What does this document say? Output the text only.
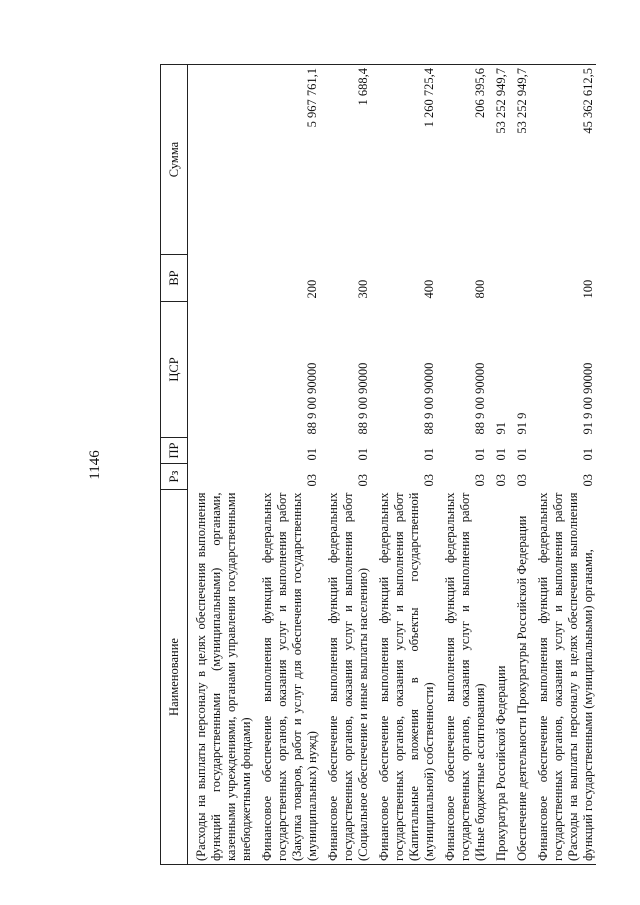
1146
Наименование	Рз	ПР	ЦСР	ВР	Сумма
(Расходы на выплаты персоналу в целях обеспечения выполнения функций государственными (муниципальными) органами, казенными учреждениями, органами управления государственными внебюджетными фондами)					
Финансовое обеспечение выполнения функций федеральных государственных органов, оказания услуг и выполнения работ (Закупка товаров, работ и услуг для обеспечения государственных (муниципальных) нужд)	03	01	88 9 00 90000	200	5 967 761,1
Финансовое обеспечение выполнения функций федеральных государственных органов, оказания услуг и выполнения работ (Социальное обеспечение и иные выплаты населению)	03	01	88 9 00 90000	300	1 688,4
Финансовое обеспечение выполнения функций федеральных государственных органов, оказания услуг и выполнения работ (Капитальные вложения в объекты государственной (муниципальной) собственности)	03	01	88 9 00 90000	400	1 260 725,4
Финансовое обеспечение выполнения функций федеральных государственных органов, оказания услуг и выполнения работ (Иные бюджетные ассигнования)	03	01	88 9 00 90000	800	206 395,6
Прокуратура Российской Федерации	03	01	91		53 252 949,7
Обеспечение деятельности Прокуратуры Российской Федерации	03	01	91 9		53 252 949,7
Финансовое обеспечение выполнения функций федеральных государственных органов, оказания услуг и выполнения работ (Расходы на выплаты персоналу в целях обеспечения выполнения функций государственными (муниципальными) органами,	03	01	91 9 00 90000	100	45 362 612,5
